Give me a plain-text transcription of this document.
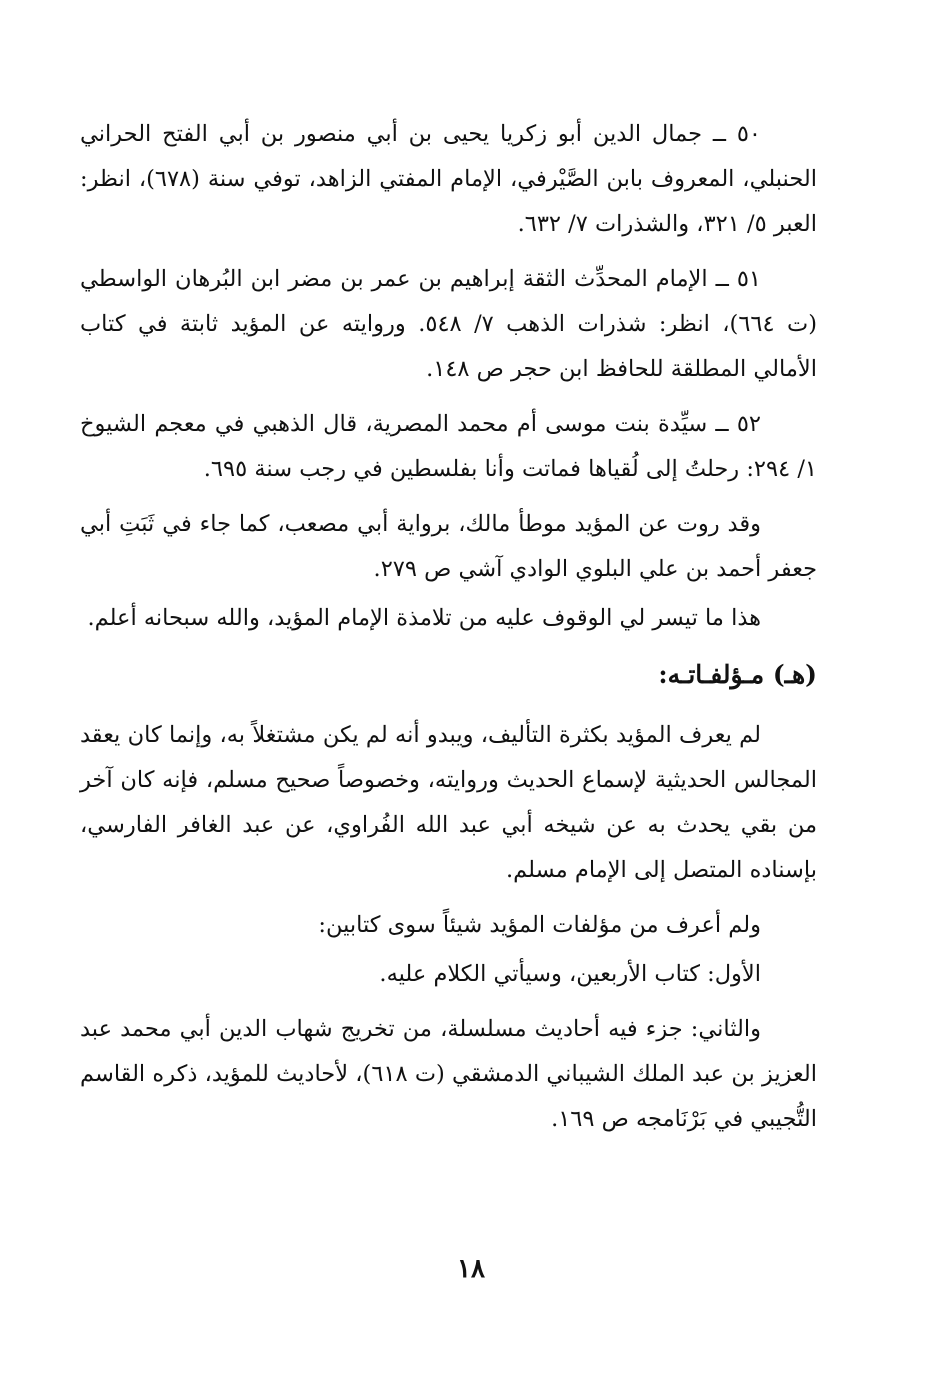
٥٠ ــ جمال الدين أبو زكريا يحيى بن أبي منصور بن أبي الفتح الحراني الحنبلي، المعروف بابن الصَّيْرفي، الإمام المفتي الزاهد، توفي سنة (٦٧٨)، انظر: العبر ٥/ ٣٢١، والشذرات ٧/ ٦٣٢.

٥١ ــ الإمام المحدِّث الثقة إبراهيم بن عمر بن مضر ابن البُرهان الواسطي (ت ٦٦٤)، انظر: شذرات الذهب ٧/ ٥٤٨. وروايته عن المؤيد ثابتة في كتاب الأمالي المطلقة للحافظ ابن حجر ص ١٤٨.

٥٢ ــ سيِّدة بنت موسى أم محمد المصرية، قال الذهبي في معجم الشيوخ ١/ ٢٩٤: رحلتُ إلى لُقياها فماتت وأنا بفلسطين في رجب سنة ٦٩٥.

وقد روت عن المؤيد موطأ مالك، برواية أبي مصعب، كما جاء في ثَبَتِ أبي جعفر أحمد بن علي البلوي الوادي آشي ص ٢٧٩.

هذا ما تيسر لي الوقوف عليه من تلامذة الإمام المؤيد، والله سبحانه أعلم.

(هـ) مـؤلفـاتـه:

لم يعرف المؤيد بكثرة التأليف، ويبدو أنه لم يكن مشتغلاً به، وإنما كان يعقد المجالس الحديثية لإسماع الحديث وروايته، وخصوصاً صحيح مسلم، فإنه كان آخر من بقي يحدث به عن شيخه أبي عبد الله الفُراوي، عن عبد الغافر الفارسي، بإسناده المتصل إلى الإمام مسلم.

ولم أعرف من مؤلفات المؤيد شيئاً سوى كتابين:

الأول: كتاب الأربعين، وسيأتي الكلام عليه.

والثاني: جزء فيه أحاديث مسلسلة، من تخريج شهاب الدين أبي محمد عبد العزيز بن عبد الملك الشيباني الدمشقي (ت ٦١٨)، لأحاديث للمؤيد، ذكره القاسم التُّجيبي في بَرْنَامجه ص ١٦٩.

١٨
